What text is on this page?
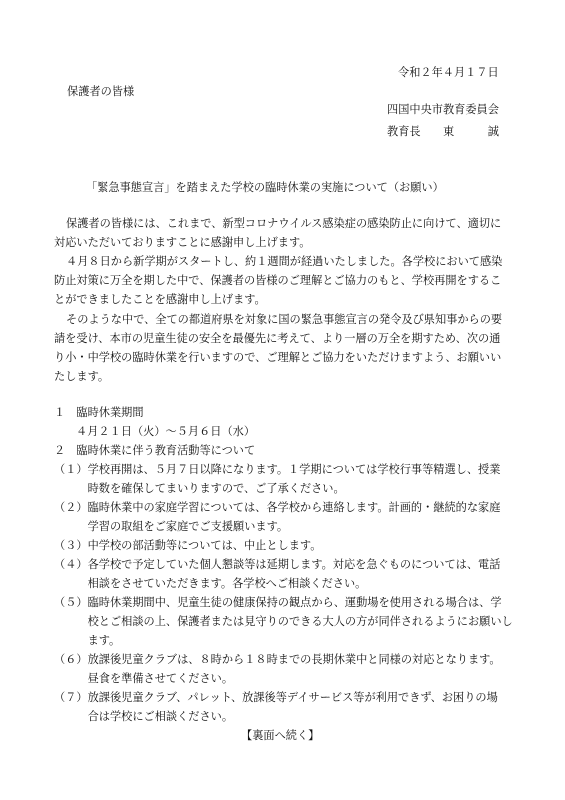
令和２年４月１７日
保護者の皆様
四国中央市教育委員会
教育長　　東　　　誠
「緊急事態宣言」を踏まえた学校の臨時休業の実施について（お願い）
保護者の皆様には、これまで、新型コロナウイルス感染症の感染防止に向けて、適切に
対応いただいておりますことに感謝申し上げます。
４月８日から新学期がスタートし、約１週間が経過いたしました。各学校において感染
防止対策に万全を期した中で、保護者の皆様のご理解とご協力のもと、学校再開をするこ
とができましたことを感謝申し上げます。
そのような中で、全ての都道府県を対象に国の緊急事態宣言の発令及び県知事からの要
請を受け、本市の児童生徒の安全を最優先に考えて、より一層の万全を期すため、次の通
り小・中学校の臨時休業を行いますので、ご理解とご協力をいただけますよう、お願いい
たします。
１　臨時休業期間
４月２１日（火）～５月６日（水）
２　臨時休業に伴う教育活動等について
（１）学校再開は、５月７日以降になります。１学期については学校行事等精選し、授業
　　　時数を確保してまいりますので、ご了承ください。
（２）臨時休業中の家庭学習については、各学校から連絡します。計画的・継続的な家庭
　　　学習の取組をご家庭でご支援願います。
（３）中学校の部活動等については、中止とします。
（４）各学校で予定していた個人懇談等は延期します。対応を急ぐものについては、電話
　　　相談をさせていただきます。各学校へご相談ください。
（５）臨時休業期間中、児童生徒の健康保持の観点から、運動場を使用される場合は、学
　　　校とご相談の上、保護者または見守りのできる大人の方が同伴されるようにお願いし
　　　ます。
（６）放課後児童クラブは、８時から１８時までの長期休業中と同様の対応となります。
　　　昼食を準備させてください。
（７）放課後児童クラブ、パレット、放課後等デイサービス等が利用できず、お困りの場
　　　合は学校にご相談ください。
【裏面へ続く】
